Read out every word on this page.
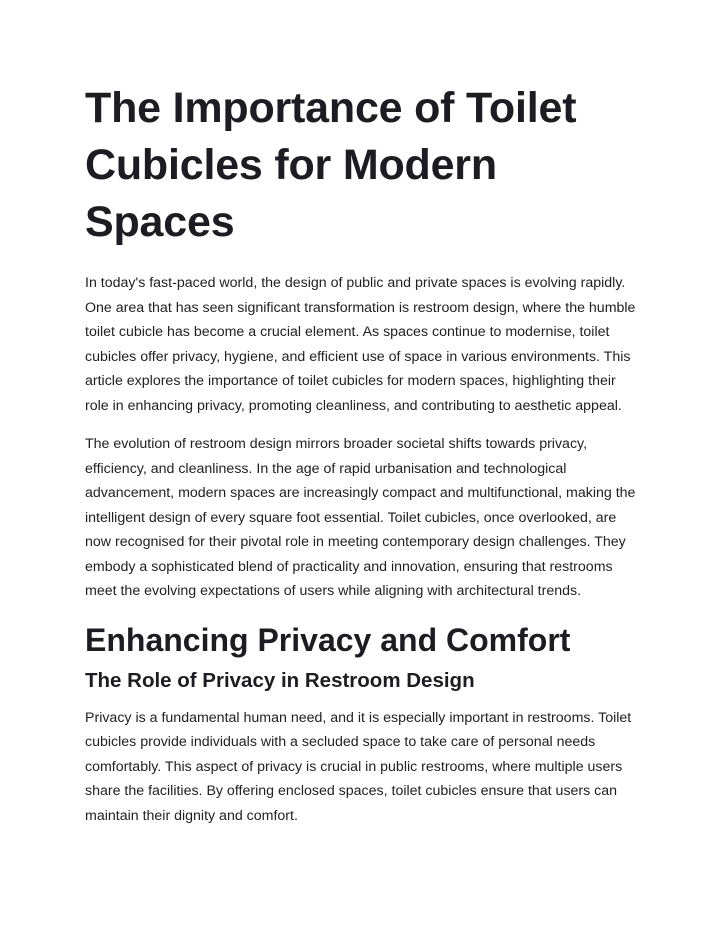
The Importance of Toilet Cubicles for Modern Spaces

In today's fast-paced world, the design of public and private spaces is evolving rapidly. One area that has seen significant transformation is restroom design, where the humble toilet cubicle has become a crucial element. As spaces continue to modernise, toilet cubicles offer privacy, hygiene, and efficient use of space in various environments. This article explores the importance of toilet cubicles for modern spaces, highlighting their role in enhancing privacy, promoting cleanliness, and contributing to aesthetic appeal.

The evolution of restroom design mirrors broader societal shifts towards privacy, efficiency, and cleanliness. In the age of rapid urbanisation and technological advancement, modern spaces are increasingly compact and multifunctional, making the intelligent design of every square foot essential. Toilet cubicles, once overlooked, are now recognised for their pivotal role in meeting contemporary design challenges. They embody a sophisticated blend of practicality and innovation, ensuring that restrooms meet the evolving expectations of users while aligning with architectural trends.

Enhancing Privacy and Comfort
The Role of Privacy in Restroom Design

Privacy is a fundamental human need, and it is especially important in restrooms. Toilet cubicles provide individuals with a secluded space to take care of personal needs comfortably. This aspect of privacy is crucial in public restrooms, where multiple users share the facilities. By offering enclosed spaces, toilet cubicles ensure that users can maintain their dignity and comfort.
